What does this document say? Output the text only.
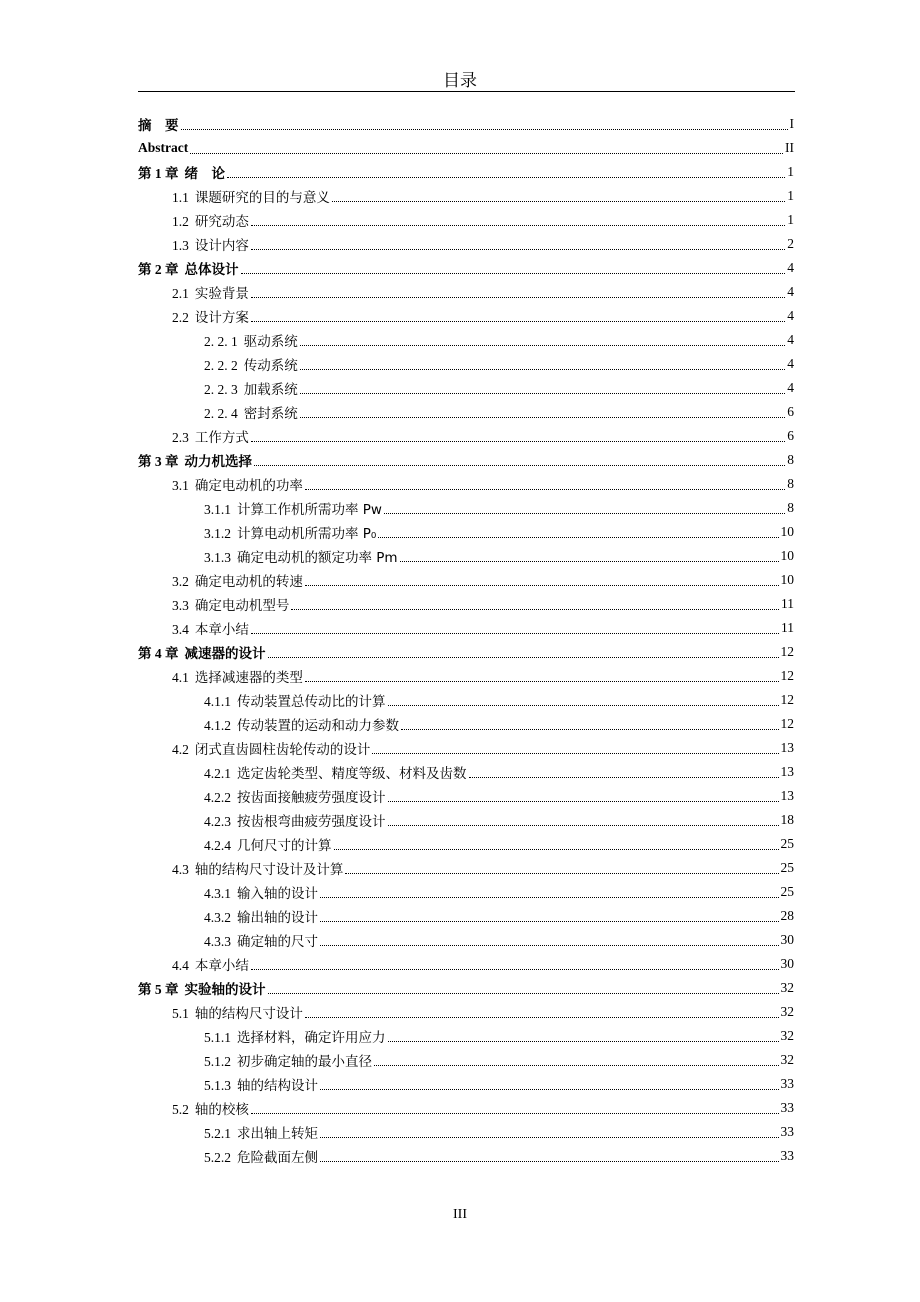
目录
摘　要	I
Abstract	II
第 1 章 绪　论	1
1.1 课题研究的目的与意义	1
1.2 研究动态	1
1.3 设计内容	2
第 2 章 总体设计	4
2.1 实验背景	4
2.2 设计方案	4
2. 2. 1 驱动系统	4
2. 2. 2 传动系统	4
2. 2. 3 加载系统	4
2. 2. 4 密封系统	6
2.3 工作方式	6
第 3 章 动力机选择	8
3.1 确定电动机的功率	8
3.1.1 计算工作机所需功率 Pw	8
3.1.2 计算电动机所需功率 P₀	10
3.1.3 确定电动机的额定功率 Pm	10
3.2 确定电动机的转速	10
3.3 确定电动机型号	11
3.4 本章小结	11
第 4 章 减速器的设计	12
4.1 选择减速器的类型	12
4.1.1 传动装置总传动比的计算	12
4.1.2 传动装置的运动和动力参数	12
4.2 闭式直齿圆柱齿轮传动的设计	13
4.2.1 选定齿轮类型、精度等级、材料及齿数	13
4.2.2 按齿面接触疲劳强度设计	13
4.2.3 按齿根弯曲疲劳强度设计	18
4.2.4 几何尺寸的计算	25
4.3 轴的结构尺寸设计及计算	25
4.3.1 输入轴的设计	25
4.3.2 输出轴的设计	28
4.3.3 确定轴的尺寸	30
4.4 本章小结	30
第 5 章 实验轴的设计	32
5.1 轴的结构尺寸设计	32
5.1.1 选择材料，确定许用应力	32
5.1.2 初步确定轴的最小直径	32
5.1.3 轴的结构设计	33
5.2 轴的校核	33
5.2.1 求出轴上转矩	33
5.2.2 危险截面左侧	33
III
